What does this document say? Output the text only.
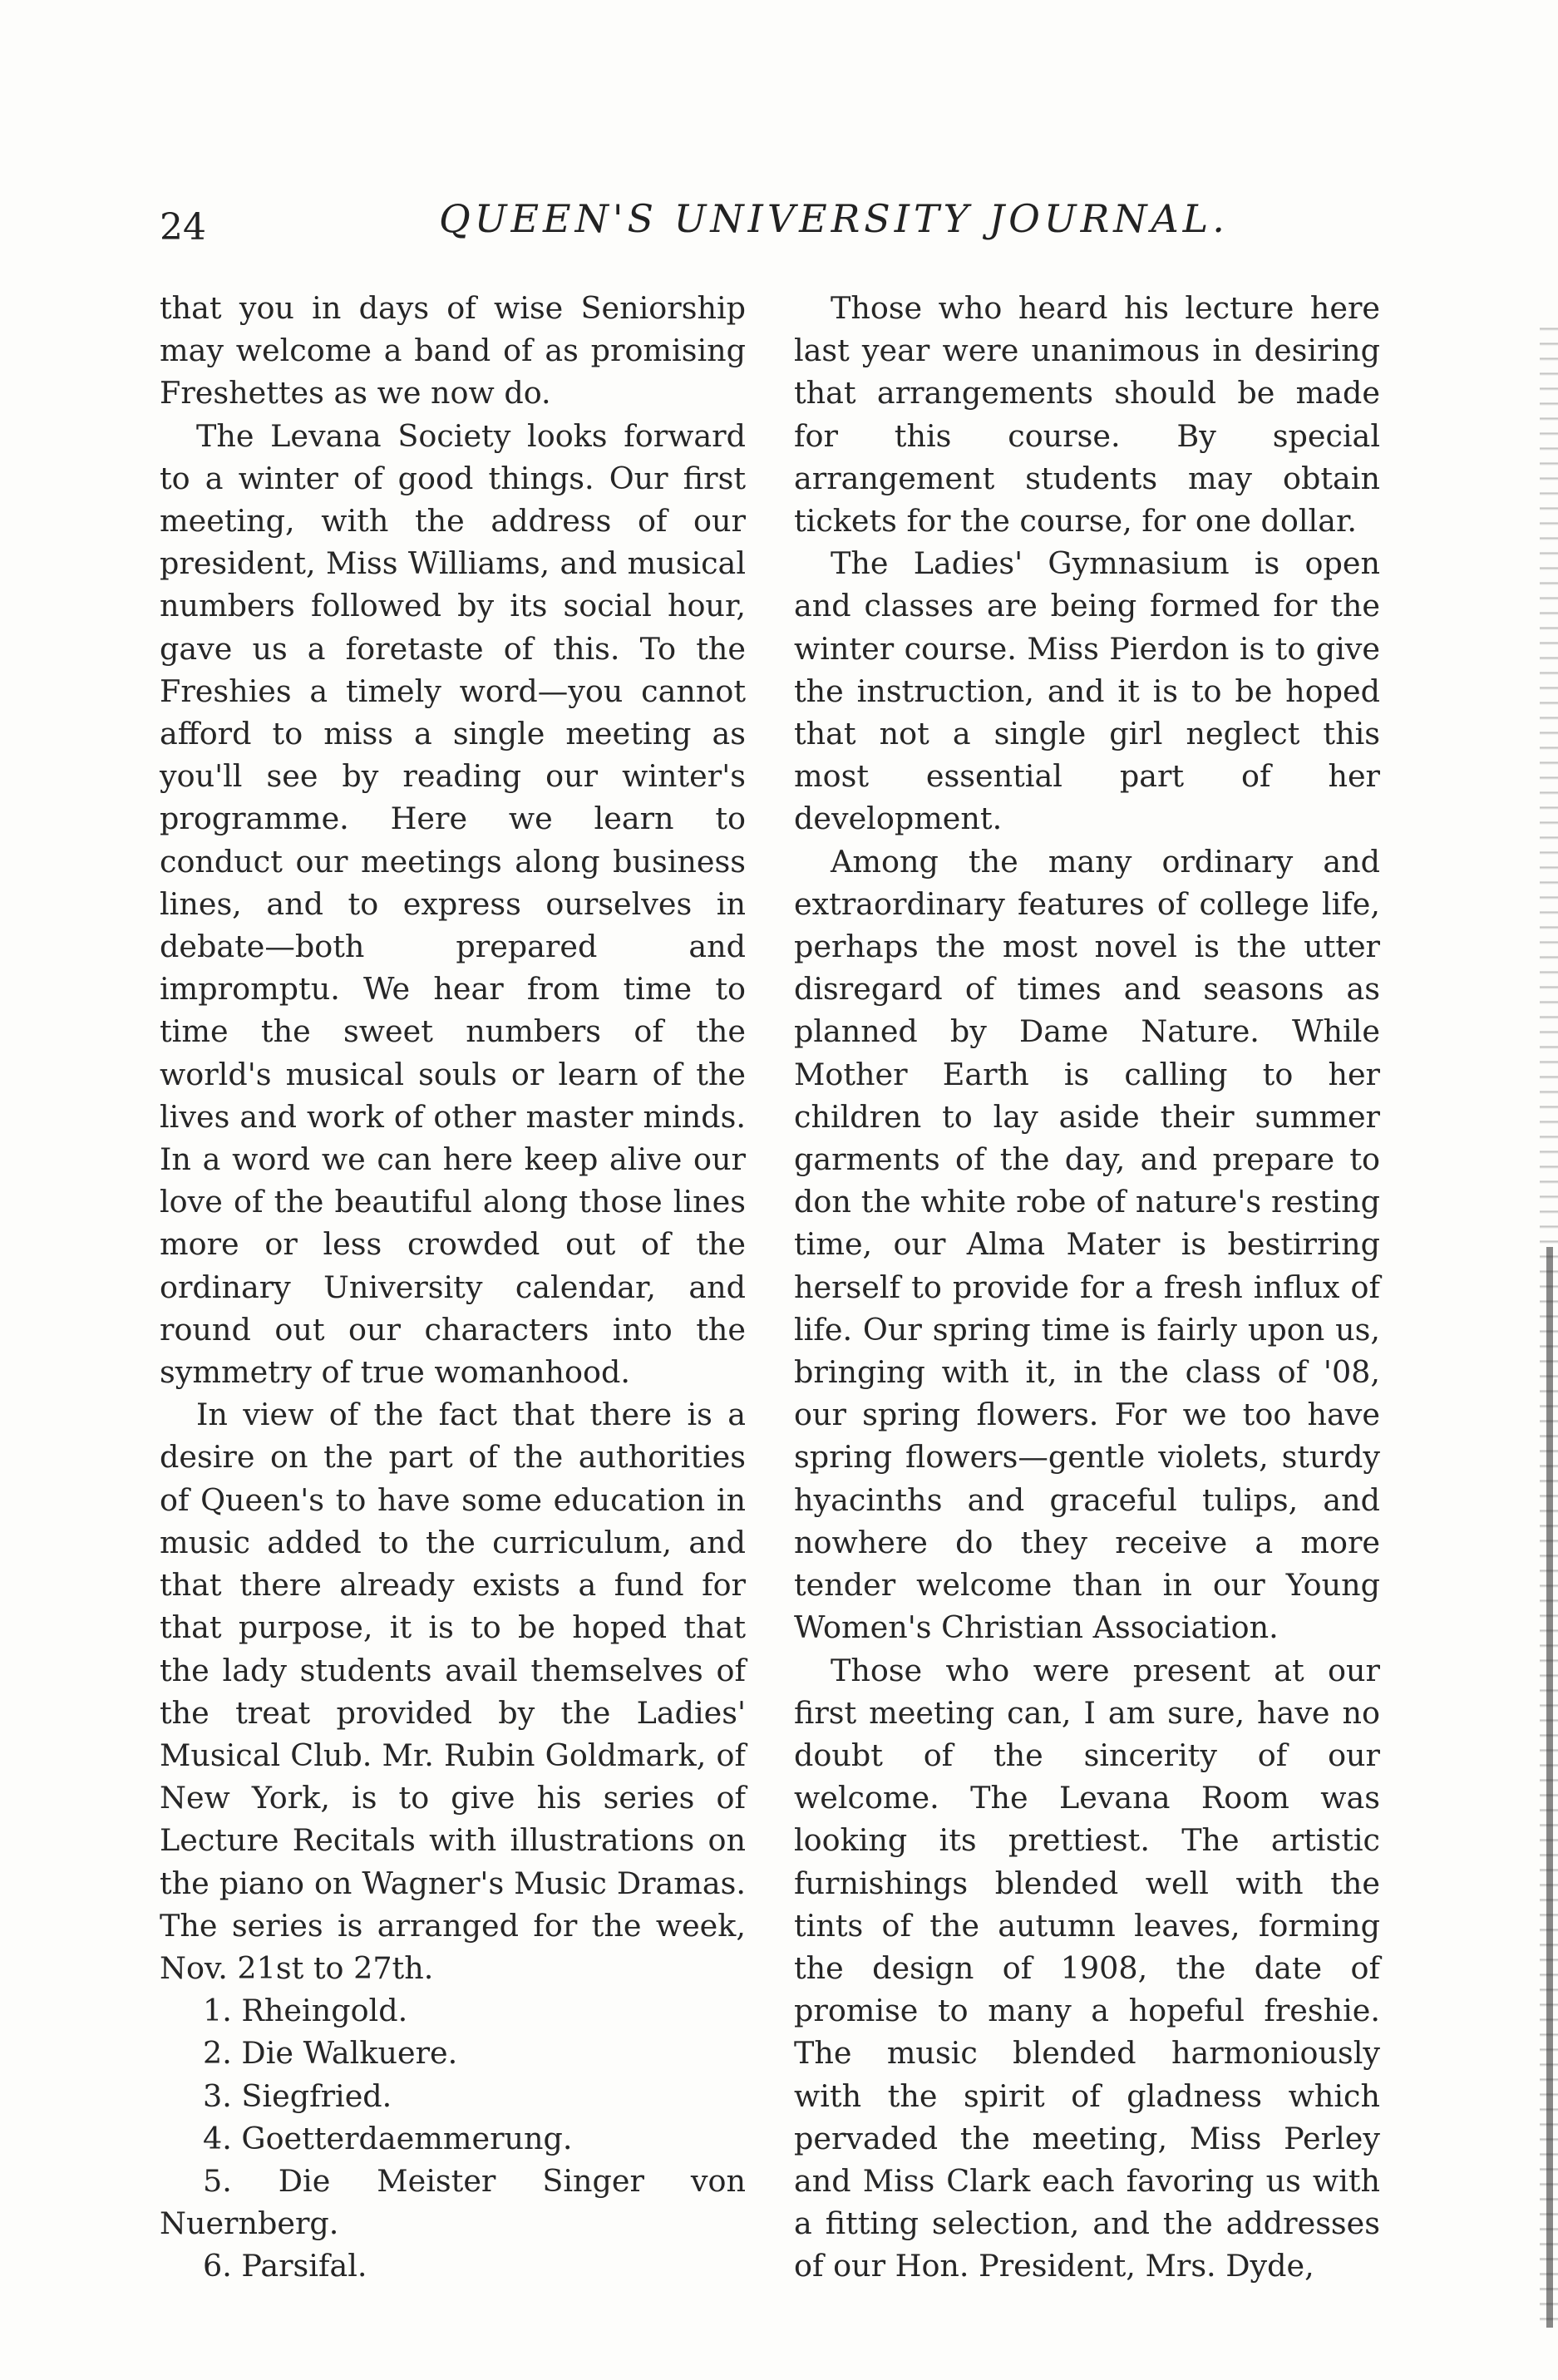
24	QUEEN'S UNIVERSITY JOURNAL.

that you in days of wise Seniorship may welcome a band of as promising Freshettes as we now do.

The Levana Society looks forward to a winter of good things. Our first meeting, with the address of our president, Miss Williams, and musical numbers followed by its social hour, gave us a foretaste of this. To the Freshies a timely word—you cannot afford to miss a single meeting as you'll see by reading our winter's programme. Here we learn to conduct our meetings along business lines, and to express ourselves in debate—both prepared and impromptu. We hear from time to time the sweet numbers of the world's musical souls or learn of the lives and work of other master minds. In a word we can here keep alive our love of the beautiful along those lines more or less crowded out of the ordinary University calendar, and round out our characters into the symmetry of true womanhood.

In view of the fact that there is a desire on the part of the authorities of Queen's to have some education in music added to the curriculum, and that there already exists a fund for that purpose, it is to be hoped that the lady students avail themselves of the treat provided by the Ladies' Musical Club. Mr. Rubin Goldmark, of New York, is to give his series of Lecture Recitals with illustrations on the piano on Wagner's Music Dramas. The series is arranged for the week, Nov. 21st to 27th.

1. Rheingold.
2. Die Walkuere.
3. Siegfried.
4. Goetterdaemmerung.
5. Die Meister Singer von Nuernberg.
6. Parsifal.

Those who heard his lecture here last year were unanimous in desiring that arrangements should be made for this course. By special arrangement students may obtain tickets for the course, for one dollar.

The Ladies' Gymnasium is open and classes are being formed for the winter course. Miss Pierdon is to give the instruction, and it is to be hoped that not a single girl neglect this most essential part of her development.

Among the many ordinary and extraordinary features of college life, perhaps the most novel is the utter disregard of times and seasons as planned by Dame Nature. While Mother Earth is calling to her children to lay aside their summer garments of the day, and prepare to don the white robe of nature's resting time, our Alma Mater is bestirring herself to provide for a fresh influx of life. Our spring time is fairly upon us, bringing with it, in the class of '08, our spring flowers. For we too have spring flowers—gentle violets, sturdy hyacinths and graceful tulips, and nowhere do they receive a more tender welcome than in our Young Women's Christian Association.

Those who were present at our first meeting can, I am sure, have no doubt of the sincerity of our welcome. The Levana Room was looking its prettiest. The artistic furnishings blended well with the tints of the autumn leaves, forming the design of 1908, the date of promise to many a hopeful freshie. The music blended harmoniously with the spirit of gladness which pervaded the meeting, Miss Perley and Miss Clark each favoring us with a fitting selection, and the addresses of our Hon. President, Mrs. Dyde,
